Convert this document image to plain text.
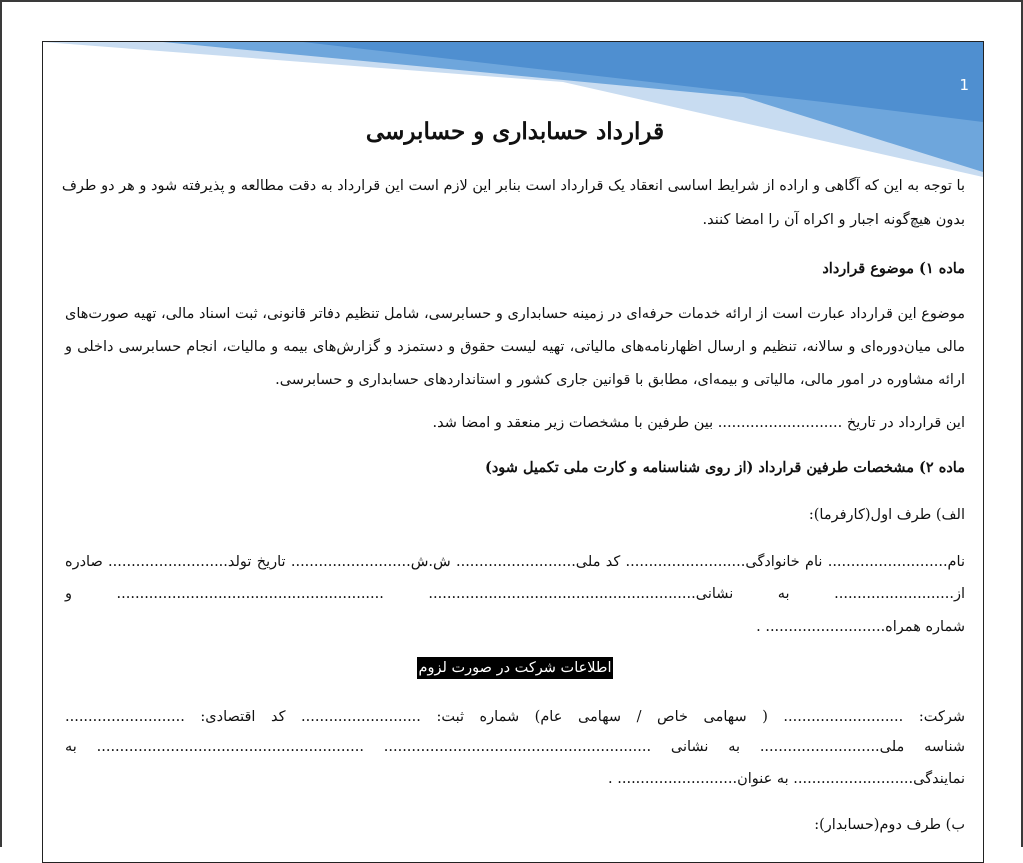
1
قرارداد حسابداری و حسابرسی
با توجه به این که آگاهی و اراده از شرایط اساسی انعقاد یک قرارداد است بنابر این لازم است این قرارداد به دقت مطالعه و پذیرفته شود و هر دو طرف
بدون هیچ‌گونه اجبار و اکراه آن را امضا کنند.
ماده ۱) موضوع قرارداد
موضوع این قرارداد عبارت است از ارائه خدمات حرفه‌ای در زمینه حسابداری و حسابرسی، شامل تنظیم دفاتر قانونی، ثبت اسناد مالی، تهیه صورت‌های
مالی میان‌دوره‌ای و سالانه، تنظیم و ارسال اظهارنامه‌های مالیاتی، تهیه لیست حقوق و دستمزد و گزارش‌های بیمه و مالیات، انجام حسابرسی داخلی و
ارائه مشاوره در امور مالی، مالیاتی و بیمه‌ای، مطابق با قوانین جاری کشور و استانداردهای حسابداری و حسابرسی.
این قرارداد در تاریخ ........................... بین طرفین با مشخصات زیر منعقد و امضا شد.
ماده ۲) مشخصات طرفین قرارداد (از روی شناسنامه و کارت ملی تکمیل شود)
الف) طرف اول(کارفرما):
نام.......................... نام خانوادگی.......................... کد ملی.......................... ش.ش.......................... تاریخ تولد.......................... صادره
از.......................... به نشانی.......................................................... .......................................................... و
شماره همراه.......................... .
اطلاعات شرکت در صورت لزوم
شرکت: .......................... ( سهامی خاص / سهامی عام) شماره ثبت: .......................... کد اقتصادی: ..........................
شناسه ملی.......................... به نشانی .......................................................... .......................................................... به
نمایندگی.......................... به عنوان.......................... .
ب) طرف دوم(حسابدار):
